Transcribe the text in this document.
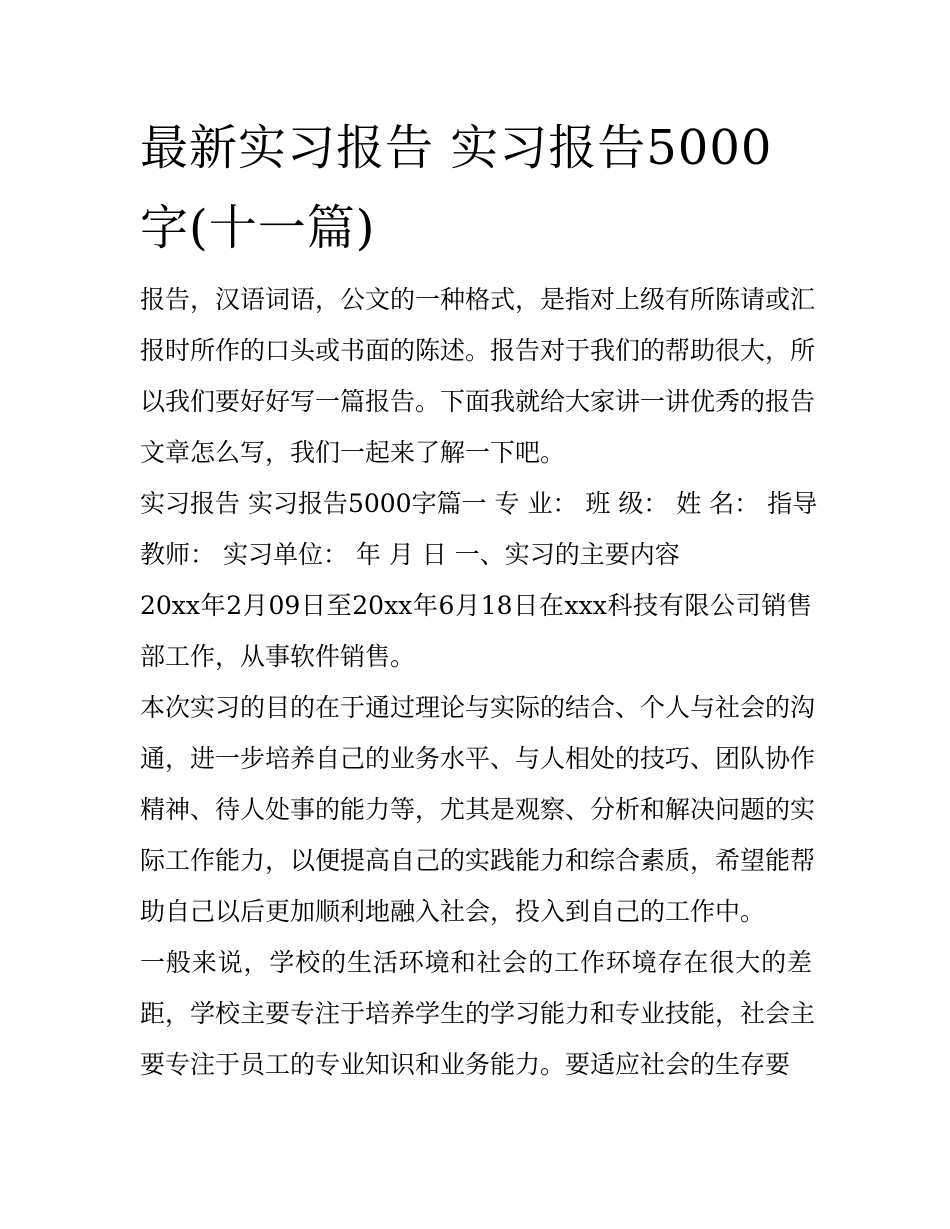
最新实习报告 实习报告5000
字(十一篇)
报告，汉语词语，公文的一种格式，是指对上级有所陈请或汇
报时所作的口头或书面的陈述。报告对于我们的帮助很大，所
以我们要好好写一篇报告。下面我就给大家讲一讲优秀的报告
文章怎么写，我们一起来了解一下吧。
实习报告 实习报告5000字篇一 专 业： 班 级： 姓 名： 指导
教师： 实习单位： 年 月 日 一、实习的主要内容
20xx年2月09日至20xx年6月18日在xxx科技有限公司销售
部工作，从事软件销售。
本次实习的目的在于通过理论与实际的结合、个人与社会的沟
通，进一步培养自己的业务水平、与人相处的技巧、团队协作
精神、待人处事的能力等，尤其是观察、分析和解决问题的实
际工作能力，以便提高自己的实践能力和综合素质，希望能帮
助自己以后更加顺利地融入社会，投入到自己的工作中。
一般来说，学校的生活环境和社会的工作环境存在很大的差
距，学校主要专注于培养学生的学习能力和专业技能，社会主
要专注于员工的专业知识和业务能力。要适应社会的生存要
